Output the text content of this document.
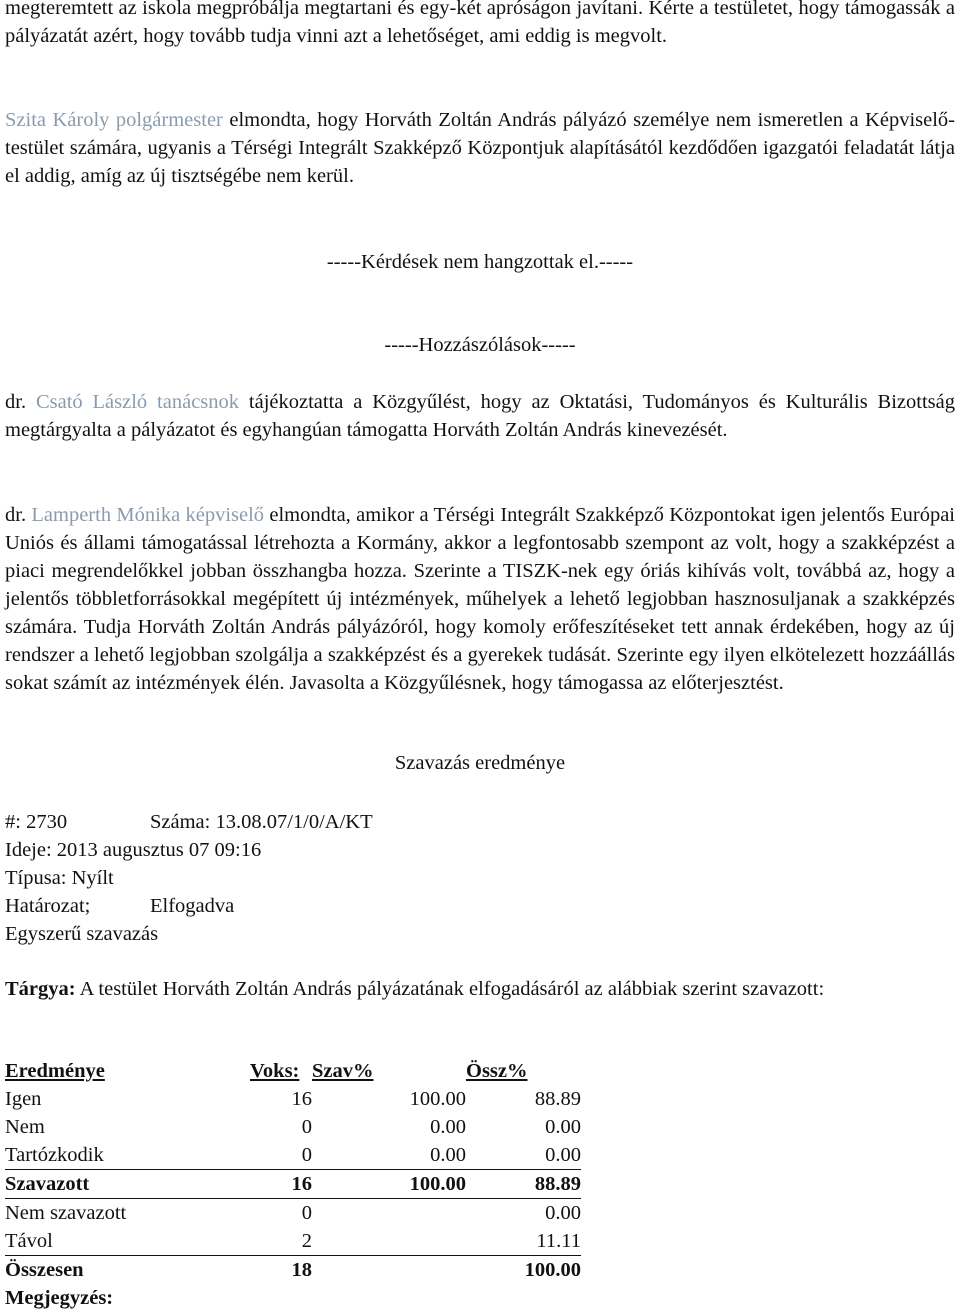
megteremtett az iskola megpróbálja megtartani és egy-két apróságon javítani. Kérte a testületet, hogy támogassák a pályázatát azért, hogy tovább tudja vinni azt a lehetőséget, ami eddig is megvolt.

Szita Károly polgármester elmondta, hogy Horváth Zoltán András pályázó személye nem ismeretlen a Képviselő-testület számára, ugyanis a Térségi Integrált Szakképző Központjuk alapításától kezdődően igazgatói feladatát látja el addig, amíg az új tisztségébe nem kerül.

-----Kérdések nem hangzottak el.-----

-----Hozzászólások-----

dr. Csató László tanácsnok tájékoztatta a Közgyűlést, hogy az Oktatási, Tudományos és Kulturális Bizottság megtárgyalta a pályázatot és egyhangúan támogatta Horváth Zoltán András kinevezését.

dr. Lamperth Mónika képviselő elmondta, amikor a Térségi Integrált Szakképző Központokat igen jelentős Európai Uniós és állami támogatással létrehozta a Kormány, akkor a legfontosabb szempont az volt, hogy a szakképzést a piaci megrendelőkkel jobban összhangba hozza. Szerinte a TISZK-nek egy óriás kihívás volt, továbbá az, hogy a jelentős többletforrásokkal megépített új intézmények, műhelyek a lehető legjobban hasznosuljanak a szakképzés számára. Tudja Horváth Zoltán András pályázóról, hogy komoly erőfeszítéseket tett annak érdekében, hogy az új rendszer a lehető legjobban szolgálja a szakképzést és a gyerekek tudását. Szerinte egy ilyen elkötelezett hozzáállás sokat számít az intézmények élén. Javasolta a Közgyűlésnek, hogy támogassa az előterjesztést.

Szavazás eredménye

#: 2730	Száma: 13.08.07/1/0/A/KT
Ideje: 2013 augusztus 07 09:16
Típusa: Nyílt
Határozat;	Elfogadva
Egyszerű szavazás

Tárgya: A testület Horváth Zoltán András pályázatának elfogadásáról az alábbiak szerint szavazott:

Eredménye	Voks:	Szav%	Össz%
Igen	16	100.00	88.89
Nem	0	0.00	0.00
Tartózkodik	0	0.00	0.00
Szavazott	16	100.00	88.89
Nem szavazott	0		0.00
Távol	2		11.11
Összesen	18		100.00
Megjegyzés:
